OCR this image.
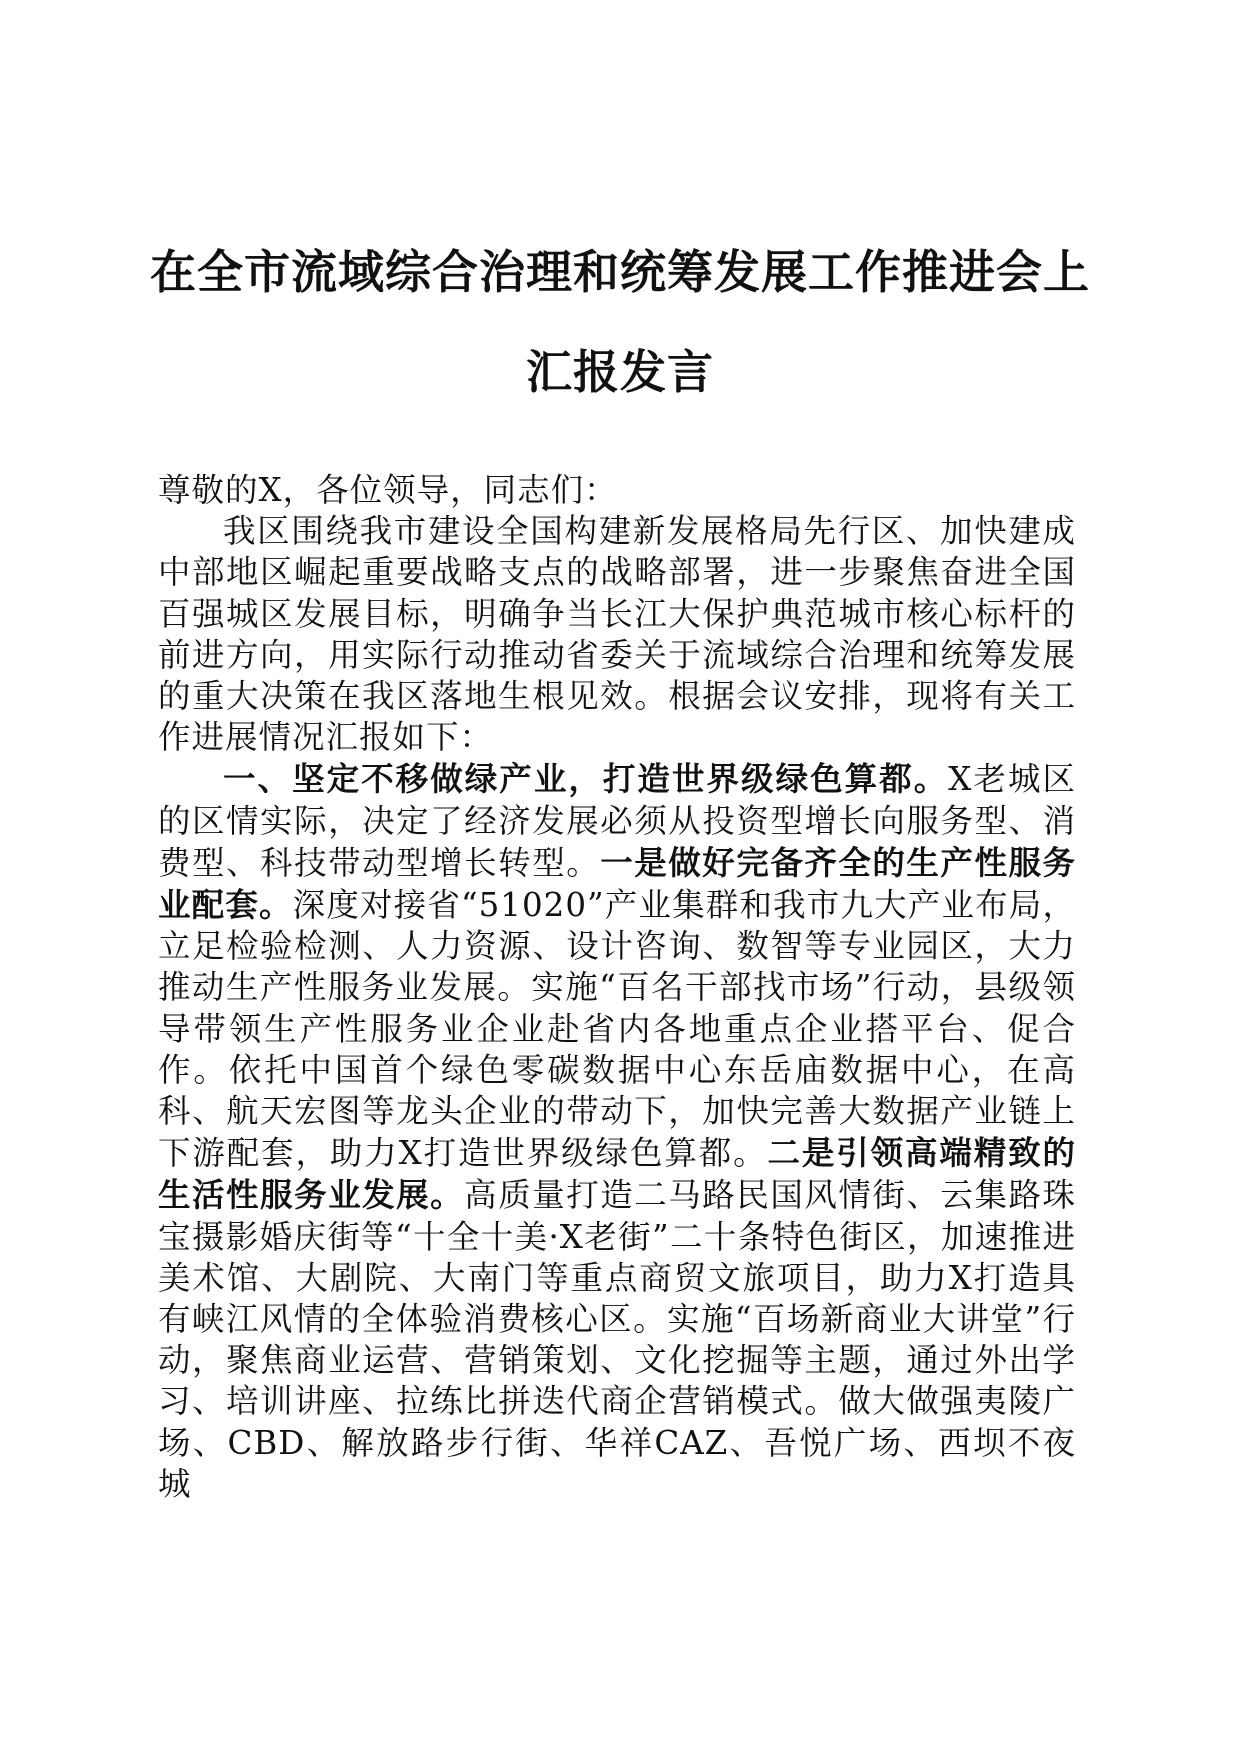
在全市流域综合治理和统筹发展工作推进会上汇报发言

尊敬的X，各位领导，同志们：

我区围绕我市建设全国构建新发展格局先行区、加快建成中部地区崛起重要战略支点的战略部署，进一步聚焦奋进全国百强城区发展目标，明确争当长江大保护典范城市核心标杆的前进方向，用实际行动推动省委关于流域综合治理和统筹发展的重大决策在我区落地生根见效。根据会议安排，现将有关工作进展情况汇报如下：

一、坚定不移做绿产业，打造世界级绿色算都。X老城区的区情实际，决定了经济发展必须从投资型增长向服务型、消费型、科技带动型增长转型。一是做好完备齐全的生产性服务业配套。深度对接省“51020”产业集群和我市九大产业布局，立足检验检测、人力资源、设计咨询、数智等专业园区，大力推动生产性服务业发展。实施“百名干部找市场”行动，县级领导带领生产性服务业企业赴省内各地重点企业搭平台、促合作。依托中国首个绿色零碳数据中心东岳庙数据中心，在高科、航天宏图等龙头企业的带动下，加快完善大数据产业链上下游配套，助力X打造世界级绿色算都。二是引领高端精致的生活性服务业发展。高质量打造二马路民国风情街、云集路珠宝摄影婚庆街等“十全十美·X老街”二十条特色街区，加速推进美术馆、大剧院、大南门等重点商贸文旅项目，助力X打造具有峡江风情的全体验消费核心区。实施“百场新商业大讲堂”行动，聚焦商业运营、营销策划、文化挖掘等主题，通过外出学习、培训讲座、拉练比拼迭代商企营销模式。做大做强夷陵广场、CBD、解放路步行街、华祥CAZ、吾悦广场、西坝不夜城
